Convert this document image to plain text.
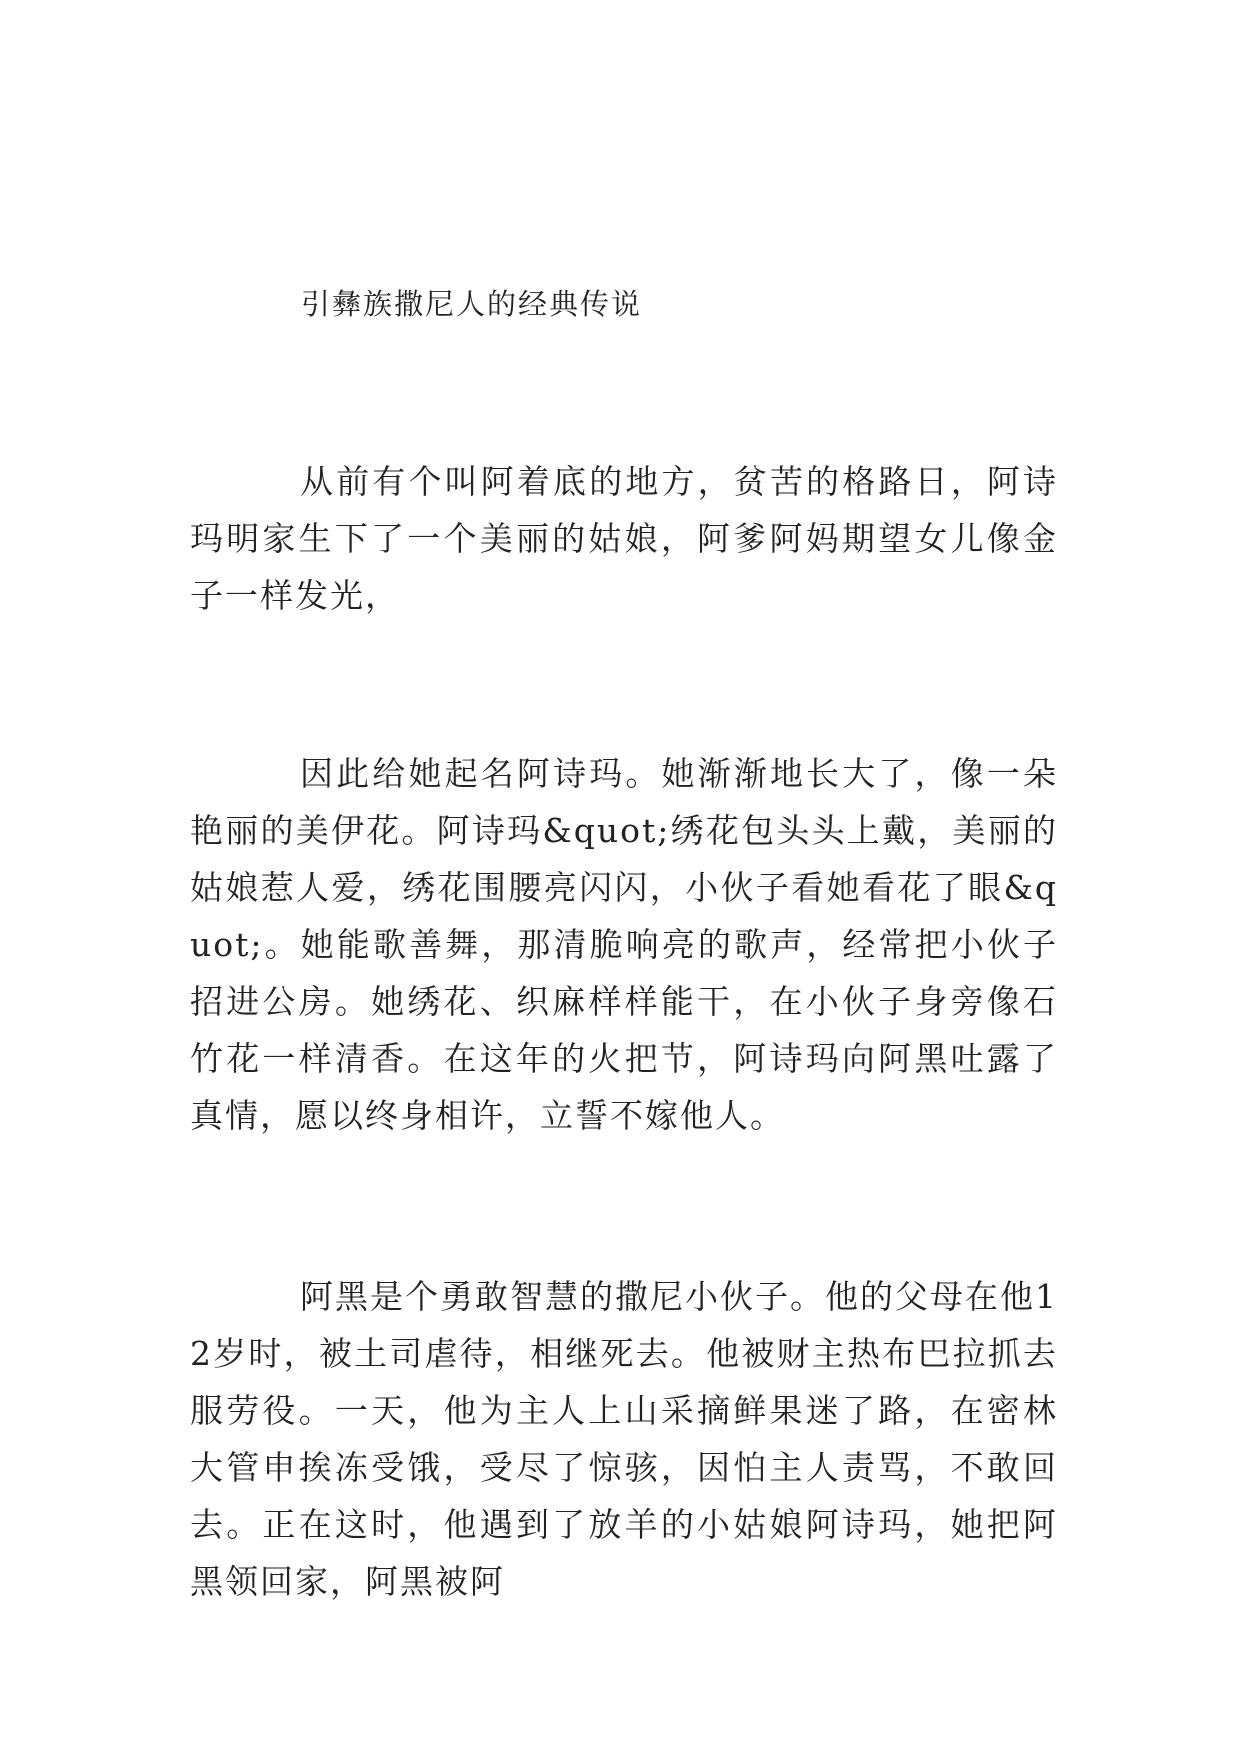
引彝族撒尼人的经典传说

从前有个叫阿着底的地方，贫苦的格路日，阿诗玛明家生下了一个美丽的姑娘，阿爹阿妈期望女儿像金子一样发光，

因此给她起名阿诗玛。她渐渐地长大了，像一朵艳丽的美伊花。阿诗玛&quot;绣花包头头上戴，美丽的姑娘惹人爱，绣花围腰亮闪闪，小伙子看她看花了眼&quot;。她能歌善舞，那清脆响亮的歌声，经常把小伙子招进公房。她绣花、织麻样样能干，在小伙子身旁像石竹花一样清香。在这年的火把节，阿诗玛向阿黑吐露了真情，愿以终身相许，立誓不嫁他人。

阿黑是个勇敢智慧的撒尼小伙子。他的父母在他12岁时，被土司虐待，相继死去。他被财主热布巴拉抓去服劳役。一天，他为主人上山采摘鲜果迷了路，在密林大管申挨冻受饿，受尽了惊骇，因怕主人责骂，不敢回去。正在这时，他遇到了放羊的小姑娘阿诗玛，她把阿黑领回家，阿黑被阿
